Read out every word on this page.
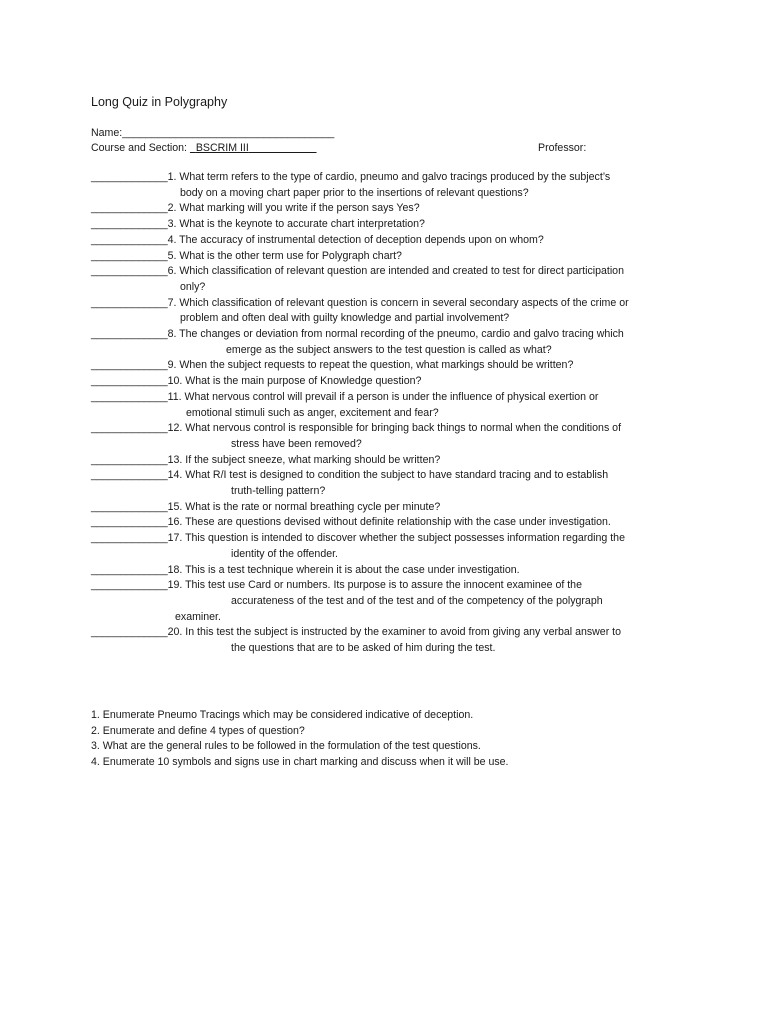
Long Quiz in Polygraphy
Name:____________________________________
Course and Section: BSCRIM III	Professor:
_____________1. What term refers to the type of cardio, pneumo and galvo tracings produced by the subject’s
body on a moving chart paper prior to the insertions of relevant questions?
_____________2. What marking will you write if the person says Yes?
_____________3. What is the keynote to accurate chart interpretation?
_____________4. The accuracy of instrumental detection of deception depends upon on whom?
_____________5. What is the other term use for Polygraph chart?
_____________6. Which classification of relevant question are intended and created to test for direct participation
only?
_____________7. Which classification of relevant question is concern in several secondary aspects of the crime or
problem and often deal with guilty knowledge and partial involvement?
_____________8. The changes or deviation from normal recording of the pneumo, cardio and galvo tracing which
emerge as the subject answers to the test question is called as what?
_____________9. When the subject requests to repeat the question, what markings should be written?
_____________10. What is the main purpose of Knowledge question?
_____________11. What nervous control will prevail if a person is under the influence of physical exertion or
emotional stimuli such as anger, excitement and fear?
_____________12. What nervous control is responsible for bringing back things to normal when the conditions of
stress have been removed?
_____________13. If the subject sneeze, what marking should be written?
_____________14. What R/I test is designed to condition the subject to have standard tracing and to establish
truth-telling pattern?
_____________15. What is the rate or normal breathing cycle per minute?
_____________16. These are questions devised without definite relationship with the case under investigation.
_____________17. This question is intended to discover whether the subject possesses information regarding the
identity of the offender.
_____________18. This is a test technique wherein it is about the case under investigation.
_____________19. This test use Card or numbers. Its purpose is to assure the innocent examinee of the
accurateness of the test and of the test and of the competency of the polygraph
examiner.
_____________20. In this test the subject is instructed by the examiner to avoid from giving any verbal answer to
the questions that are to be asked of him during the test.
1. Enumerate Pneumo Tracings which may be considered indicative of deception.
2. Enumerate and define 4 types of question?
3. What are the general rules to be followed in the formulation of the test questions.
4. Enumerate 10 symbols and signs use in chart marking and discuss when it will be use.
